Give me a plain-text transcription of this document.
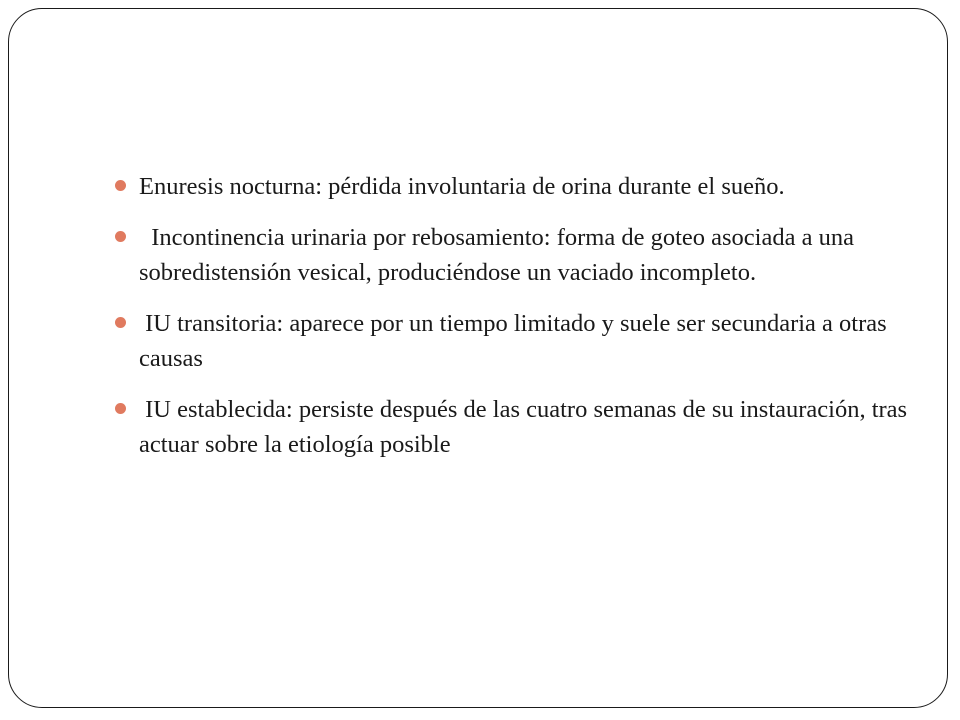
Enuresis nocturna: pérdida involuntaria de orina durante el sueño.
Incontinencia urinaria por rebosamiento: forma de goteo asociada a una sobredistensión vesical, produciéndose un vaciado incompleto.
IU transitoria: aparece por un tiempo limitado y suele ser secundaria a otras causas
IU establecida: persiste después de las cuatro semanas de su instauración, tras actuar sobre la etiología posible
